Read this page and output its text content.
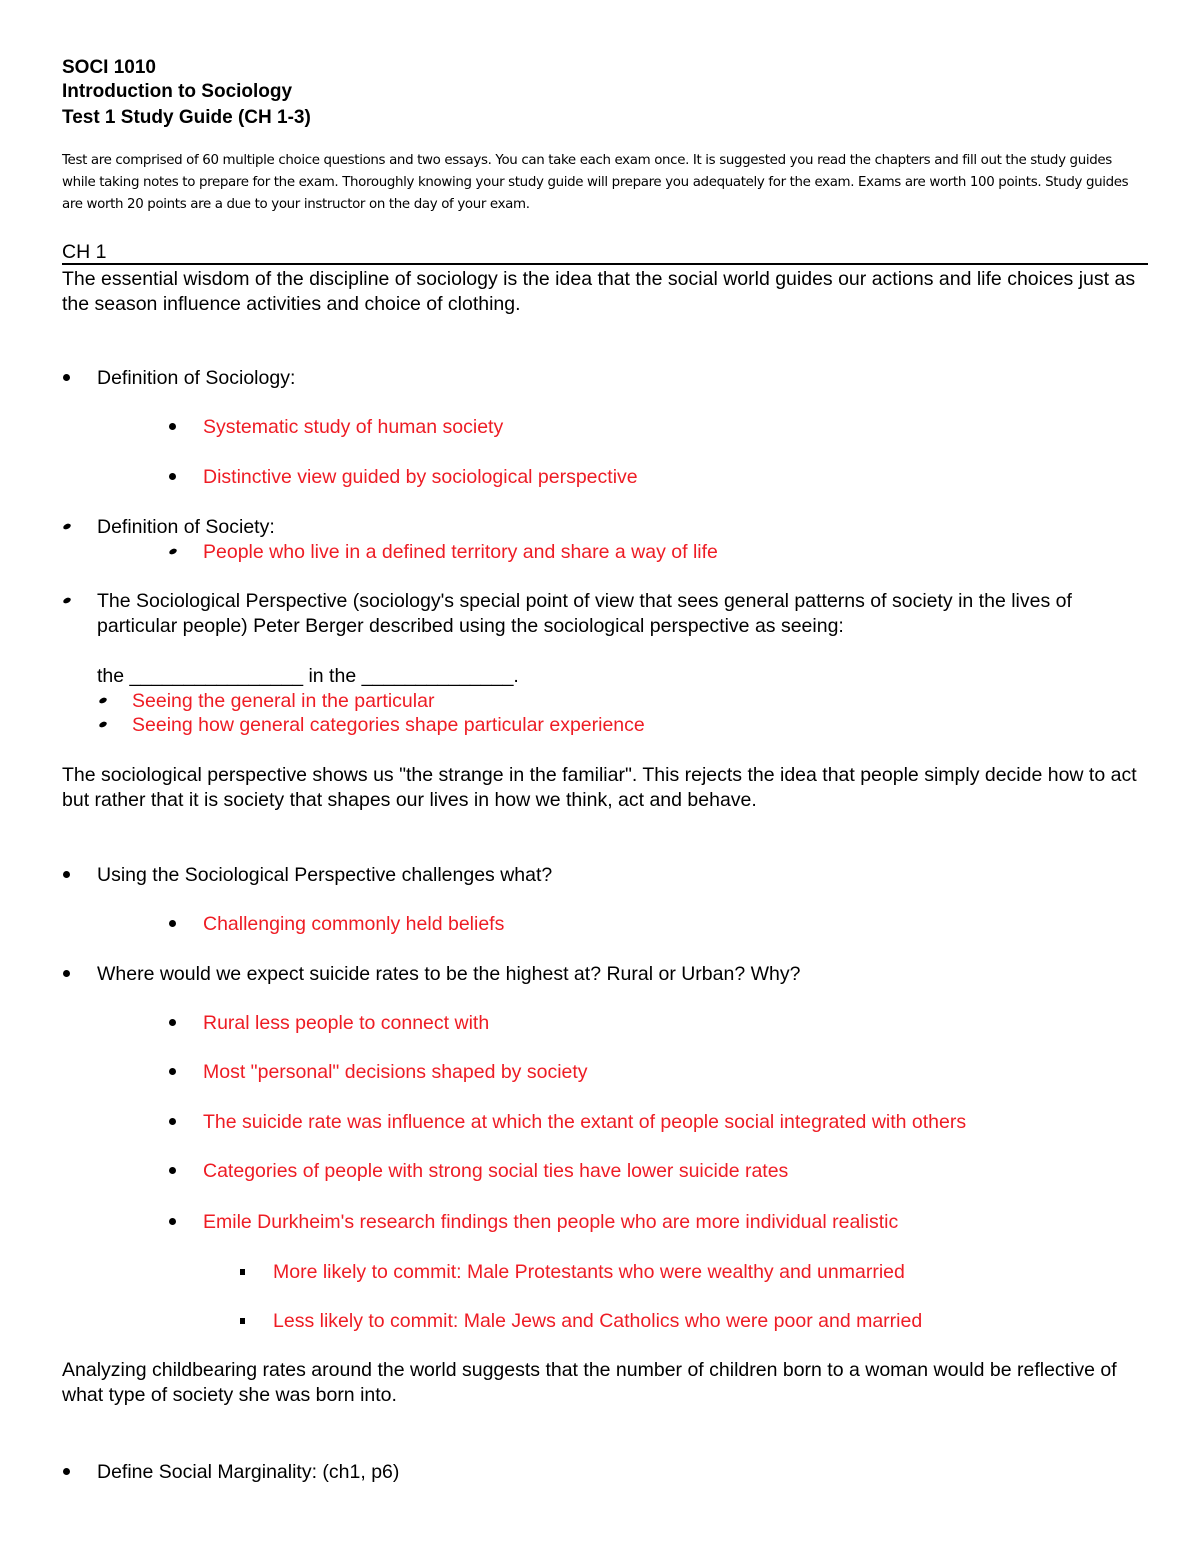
SOCI 1010
Introduction to Sociology
Test 1 Study Guide (CH 1-3)
Test are comprised of 60 multiple choice questions and two essays. You can take each exam once. It is suggested you read the chapters and fill out the study guides while taking notes to prepare for the exam. Thoroughly knowing your study guide will prepare you adequately for the exam. Exams are worth 100 points. Study guides are worth 20 points are a due to your instructor on the day of your exam.
CH 1
The essential wisdom of the discipline of sociology is the idea that the social world guides our actions and life choices just as the season influence activities and choice of clothing.
Definition of Sociology:
Systematic study of human society
Distinctive view guided by sociological perspective
Definition of Society:
People who live in a defined territory and share a way of life
The Sociological Perspective (sociology's special point of view that sees general patterns of society in the lives of particular people) Peter Berger described using the sociological perspective as seeing:
the ________________ in the ______________.
Seeing the general in the particular
Seeing how general categories shape particular experience
The sociological perspective shows us "the strange in the familiar". This rejects the idea that people simply decide how to act but rather that it is society that shapes our lives in how we think, act and behave.
Using the Sociological Perspective challenges what?
Challenging commonly held beliefs
Where would we expect suicide rates to be the highest at? Rural or Urban? Why?
Rural less people to connect with
Most "personal" decisions shaped by society
The suicide rate was influence at which the extant of people social integrated with others
Categories of people with strong social ties have lower suicide rates
Emile Durkheim's research findings then people who are more individual realistic
More likely to commit: Male Protestants who were wealthy and unmarried
Less likely to commit: Male Jews and Catholics who were poor and married
Analyzing childbearing rates around the world suggests that the number of children born to a woman would be reflective of what type of society she was born into.
Define Social Marginality: (ch1, p6)
